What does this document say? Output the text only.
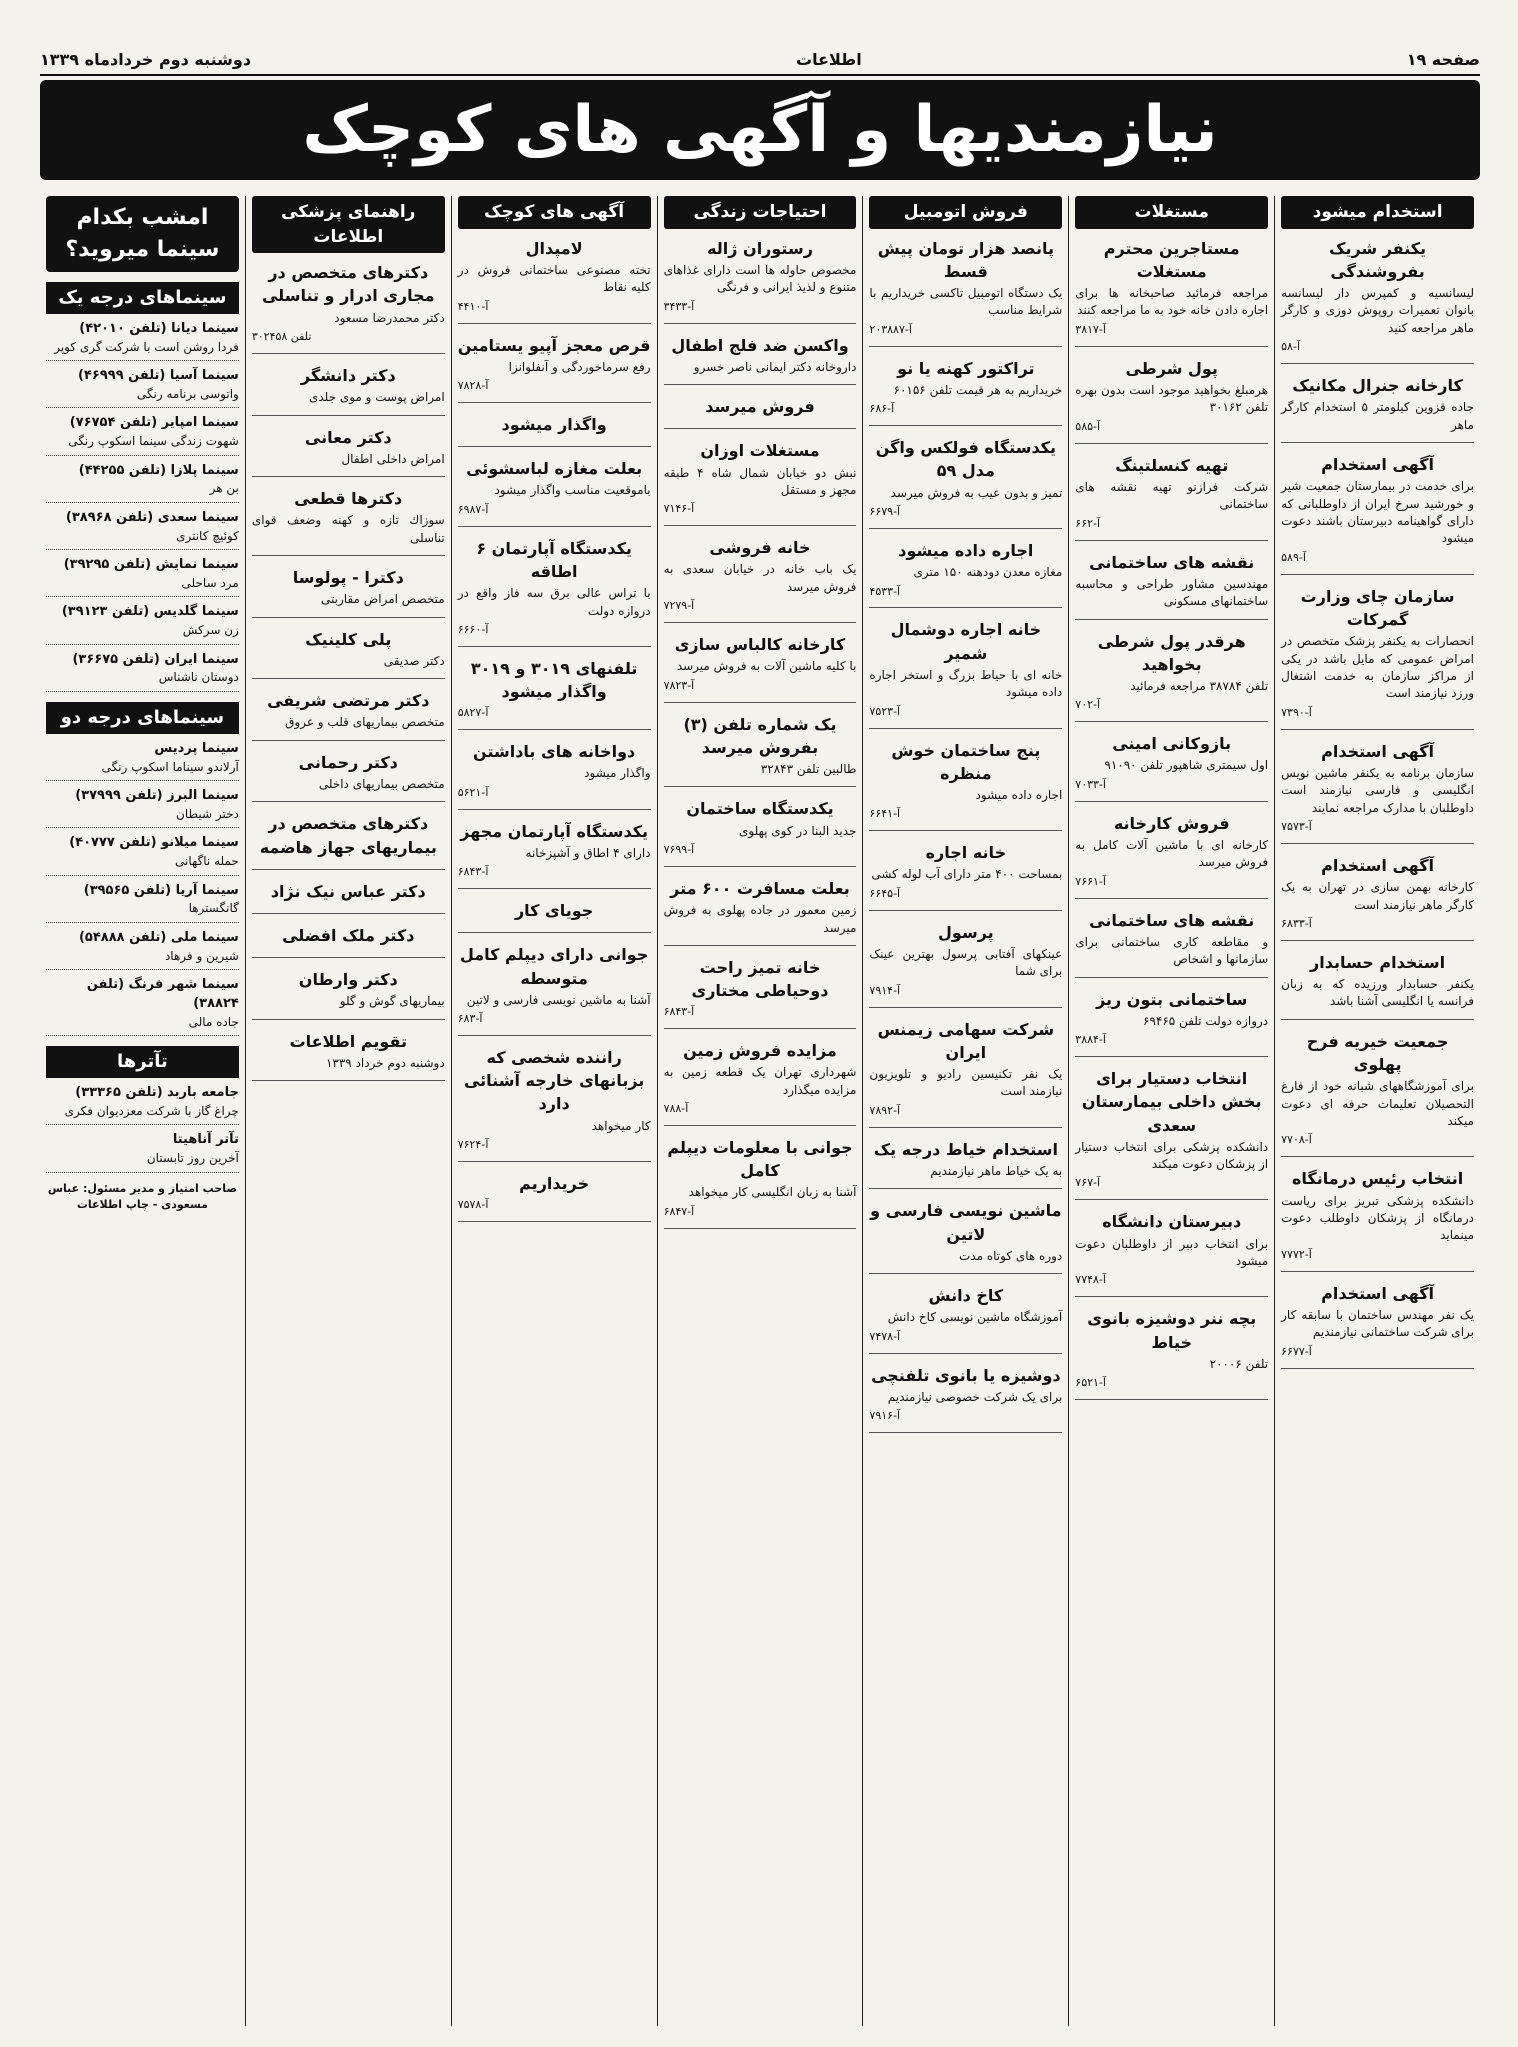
صفحه ۱۹
اطلاعات
دوشنبه دوم خردادماه ۱۳۳۹
نیازمندیها و آگهی های کوچک
استخدام میشود
یکنفر شریک بفروشندگی

لیسانسیه و کمپرس دار لیسانسه بانوان تعمیرات روپوش دوزی و کارگر ماهر مراجعه کنید

آ-۵۸
کارخانه جنرال مکانیک

جاده قزوین کیلومتر ۵ استخدام کارگر ماهر

آگهی استخدام

برای خدمت در بیمارستان جمعیت شیر و خورشید سرخ ایران از داوطلبانی که دارای گواهینامه دبیرستان باشند دعوت میشود

آ-۵۸۹
سازمان چای وزارت گمرکات

انحصارات به یکنفر پزشک متخصص در امراض عمومی که مایل باشد در یکی از مراکز سازمان به خدمت اشتغال ورزد نیازمند است

آ-۷۳۹۰
آگهی استخدام

سازمان برنامه به یکنفر ماشین نویس انگلیسی و فارسی نیازمند است داوطلبان با مدارک مراجعه نمایند

آ-۷۵۷۳
آگهی استخدام

کارخانه بهمن سازی در تهران به یک کارگر ماهر نیازمند است

آ-۶۸۳۳
استخدام حسابدار

یکنفر حسابدار ورزیده که به زبان فرانسه یا انگلیسی آشنا باشد

جمعیت خیریه فرح پهلوی

برای آموزشگاههای شبانه خود از فارغ التحصیلان تعلیمات حرفه ای دعوت میکند

آ-۷۷۰۸
انتخاب رئیس درمانگاه

دانشکده پزشکی تبریز برای ریاست درمانگاه از پزشکان داوطلب دعوت مینماید

آ-۷۷۷۲
آگهی استخدام

یک نفر مهندس ساختمان با سابقه کار برای شرکت ساختمانی نیازمندیم

آ-۶۶۷۷
مستغلات
مستاجرین محترم مستغلات

مراجعه فرمائید صاحبخانه ها برای اجاره دادن خانه خود به ما مراجعه کنند

آ-۳۸۱۷
پول شرطی

هرمبلغ بخواهید موجود است بدون بهره تلفن ۳۰۱۶۲

آ-۵۸۵
تهیه کنسلتینگ

شرکت فرازنو تهیه نقشه های ساختمانی

آ-۶۶۲
نقشه های ساختمانی

مهندسین مشاور طراحی و محاسبه ساختمانهای مسکونی

هرقدر پول شرطی بخواهید

تلفن ۳۸۷۸۴ مراجعه فرمائید

آ-۷۰۲
بازوکانی امینی

اول سیمتری شاهپور تلفن ۹۱۰۹۰

آ-۷۰۳۳
فروش کارخانه

کارخانه ای با ماشین آلات کامل به فروش میرسد

آ-۷۶۶۱
نقشه های ساختمانی

و مقاطعه کاری ساختمانی برای سازمانها و اشخاص

ساختمانی بتون ریز

دروازه دولت تلفن ۶۹۴۶۵

آ-۳۸۸۴
انتخاب دستیار برای بخش داخلی بیمارستان سعدی

دانشکده پزشکی برای انتخاب دستیار از پزشکان دعوت میکند

آ-۷۶۷
دبیرستان دانشگاه

برای انتخاب دبیر از داوطلبان دعوت میشود

آ-۷۷۴۸
بچه ننر دوشیزه بانوی خیاط

تلفن ۲۰۰۰۶

آ-۶۵۲۱
فروش اتومبیل
پانصد هزار تومان پیش قسط

یک دستگاه اتومبیل تاکسی خریداریم با شرایط مناسب

آ-۲۰۳۸۸۷
تراکتور کهنه یا نو

خریداریم به هر قیمت تلفن ۶۰۱۵۶

آ-۶۸۶
یکدستگاه فولکس واگن مدل ۵۹

تمیز و بدون عیب به فروش میرسد

آ-۶۶۷۹
اجاره داده میشود

مغازه معدن دودهنه ۱۵۰ متری

آ-۴۵۳۳
خانه اجاره دوشمال شمیر

خانه ای با حیاط بزرگ و استخر اجاره داده میشود

آ-۷۵۲۳
پنج ساختمان خوش منظره

اجاره داده میشود

آ-۶۶۴۱
خانه اجاره

بمساحت ۴۰۰ متر دارای آب لوله کشی

آ-۶۶۴۵
پرسول

عینکهای آفتابی پرسول بهترین عینک برای شما

آ-۷۹۱۴
شرکت سهامی زیمنس ایران

یک نفر تکنیسین رادیو و تلویزیون نیازمند است

آ-۷۸۹۲
استخدام خیاط درجه یک

به یک خیاط ماهر نیازمندیم

ماشین نویسی فارسی و لاتین

دوره های کوتاه مدت

کاخ دانش

آموزشگاه ماشین نویسی کاخ دانش

آ-۷۴۷۸
دوشیزه یا بانوی تلفنچی

برای یک شرکت خصوصی نیازمندیم

آ-۷۹۱۶
احتیاجات زندگی
رستوران ژاله

مخصوص حاوله ها است دارای غذاهای متنوع و لذیذ ایرانی و فرنگی

آ-۳۴۳۳
واکسن ضد فلج اطفال

داروخانه دکتر ایمانی ناصر خسرو

فروش میرسد
مستغلات اوزان

نبش دو خیابان شمال شاه ۴ طبقه مجهز و مستقل

آ-۷۱۴۶
خانه فروشی

یک باب خانه در خیابان سعدی به فروش میرسد

آ-۷۲۷۹
کارخانه کالباس سازی

با کلیه ماشین آلات به فروش میرسد

آ-۷۸۲۳
یک شماره تلفن (۳) بفروش میرسد

طالبین تلفن ۳۲۸۴۳

یکدستگاه ساختمان

جدید البنا در کوی پهلوی

آ-۷۶۹۹
بعلت مسافرت ۶۰۰ متر

زمین معمور در جاده پهلوی به فروش میرسد

خانه تمیز راحت دوحیاطی مختاری
آ-۶۸۴۳
مزایده فروش زمین

شهرداری تهران یک قطعه زمین به مزایده میگذارد

آ-۷۸۸
جوانی با معلومات دیپلم کامل

آشنا به زبان انگلیسی کار میخواهد

آ-۶۸۴۷
آگهی های کوچک
لامپدال

تخته مصنوعی ساختمانی فروش در کلیه نقاط

آ-۴۴۱۰
قرص معجز آپیو یستامین

رفع سرماخوردگی و آنفلوانزا

آ-۷۸۲۸
واگذار میشود
بعلت مغازه لباسشوئی

باموقعیت مناسب واگذار میشود

آ-۶۹۸۷
یکدستگاه آپارتمان ۶ اطاقه

با تراس عالی برق سه فاز واقع در دروازه دولت

آ-۶۶۶۰
تلفنهای ۳۰۱۹ و ۳۰۱۹ واگذار میشود
آ-۵۸۲۷
دواخانه های باداشتن

واگذار میشود

آ-۵۶۲۱
یکدستگاه آپارتمان مجهز

دارای ۴ اطاق و آشپزخانه

آ-۶۸۴۳
جویای کار
جوانی دارای دیپلم کامل متوسطه

آشنا به ماشین نویسی فارسی و لاتین

آ-۶۸۳
راننده شخصی که بزبانهای خارجه آشنائی دارد

کار میخواهد

آ-۷۶۲۴
خریداریم
آ-۷۵۷۸
راهنمای پزشکی اطلاعات
دکترهای متخصص در مجاری ادرار و تناسلی

دکتر محمدرضا مسعود

تلفن ۳۰۲۴۵۸
دکتر دانشگر

امراض پوست و موی جلدی

دکتر معانی

امراض داخلی اطفال

دکترها قطعی

سوزاك تازه و کهنه وضعف قوای تناسلی

دکترا - پولوسا

متخصص امراض مقاربتی

پلی کلینیک

دکتر صدیقی

دکتر مرتضی شریفی

متخصص بیماریهای قلب و عروق

دکتر رحمانی

متخصص بیماریهای داخلی

دکترهای متخصص در بیماریهای جهاز هاضمه
دکتر عباس نیک نژاد
دکتر ملک افضلی
دکتر وارطان

بیماریهای گوش و گلو

تقویم اطلاعات

دوشنبه دوم خرداد ۱۳۳۹

امشب بکدام سینما میروید؟
سینماهای درجه یک
سینما دیانا (تلفن ۴۲۰۱۰)
فردا روشن است با شرکت گری کوپر
سینما آسیا (تلفن ۴۶۹۹۹)
واتوسی برنامه رنگی
سینما امپایر (تلفن ۷۶۷۵۴)
شهوت زندگی سینما اسکوپ رنگی
سینما پلازا (تلفن ۴۴۲۵۵)
بن هر
سینما سعدی (تلفن ۳۸۹۶۸)
کوئیچ کانتری
سینما نمایش (تلفن ۳۹۲۹۵)
مرد ساحلی
سینما گلدیس (تلفن ۳۹۱۲۳)
زن سرکش
سینما ایران (تلفن ۳۶۶۷۵)
دوستان ناشناس
سینماهای درجه دو
سینما پردیس
آرلاندو سیناما اسکوپ رنگی
سینما البرز (تلفن ۳۷۹۹۹)
دختر شیطان
سینما میلانو (تلفن ۴۰۷۷۷)
حمله ناگهانی
سینما آریا (تلفن ۳۹۵۶۵)
گانگسترها
سینما ملی (تلفن ۵۴۸۸۸)
شیرین و فرهاد
سینما شهر فرنگ (تلفن ۳۸۸۲۴)
جاده مالی
تآترها
جامعه باربد (تلفن ۳۳۳۶۵)
چراغ گاز با شرکت معزدیوان فکری
تآتر آناهیتا
آخرین روز تابستان
صاحب امتیاز و مدیر مسئول: عباس مسعودی - چاپ اطلاعات
